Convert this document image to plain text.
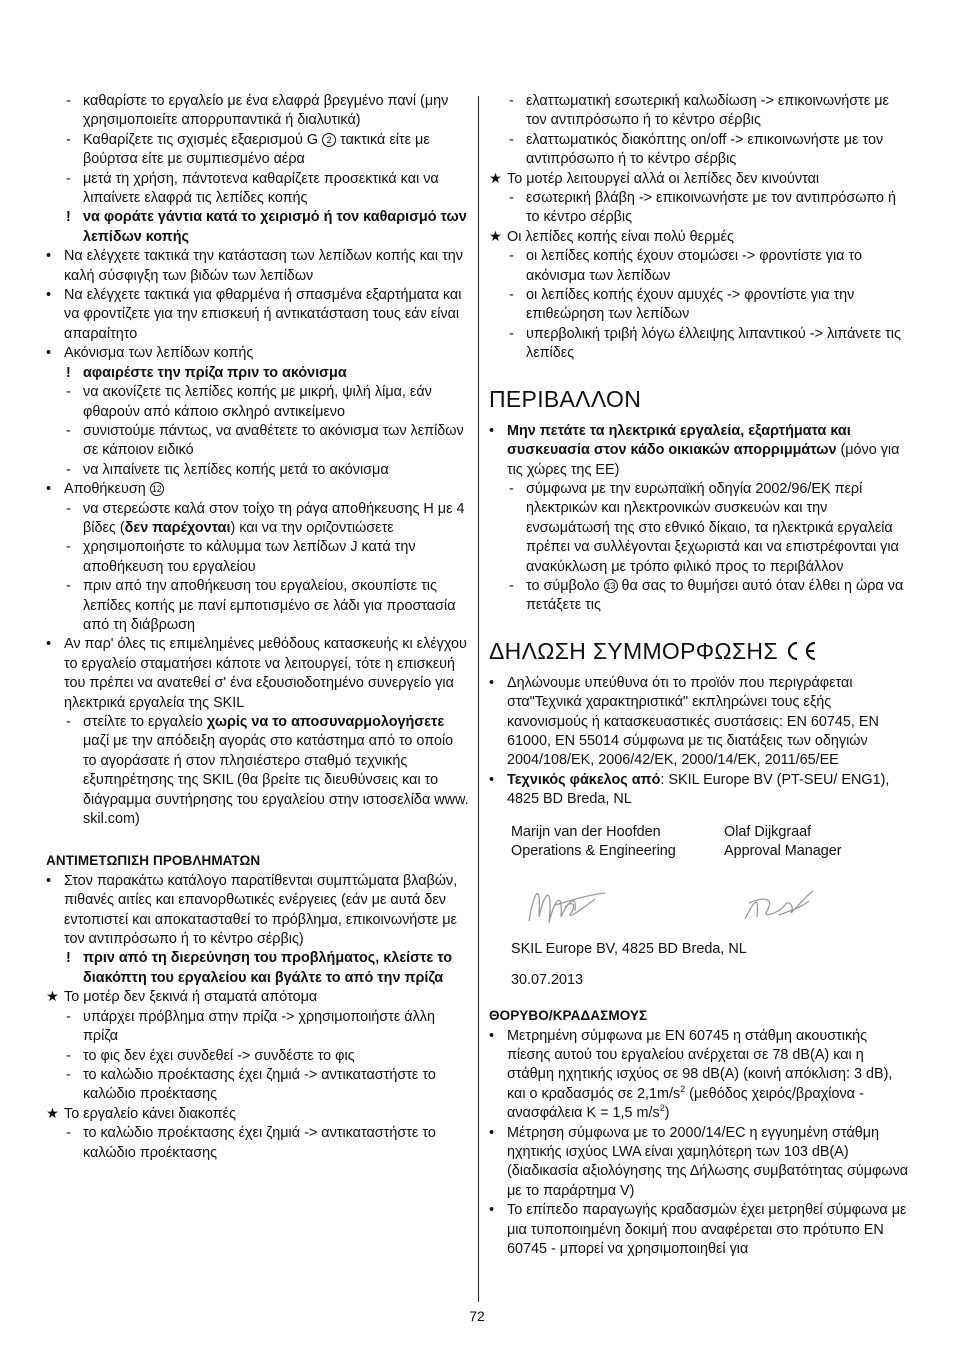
- καθαρίστε το εργαλείο με ένα ελαφρά βρεγμένο πανί (μην χρησιμοποιείτε απορρυπαντικά ή διαλυτικά)
- Καθαρίζετε τις σχισμές εξαερισμού G 2 τακτικά είτε με βούρτσα είτε με συμπιεσμένο αέρα
- μετά τη χρήση, πάντοτενα καθαρίζετε προσεκτικά και να λιπαίνετε ελαφρά τις λεπίδες κοπής
! να φοράτε γάντια κατά το χειρισμό ή τον καθαρισμό των λεπίδων κοπής
• Να ελέγχετε τακτικά την κατάσταση των λεπίδων κοπής και την καλή σύσφιγξη των βιδών των λεπίδων
• Να ελέγχετε τακτικά για φθαρμένα ή σπασμένα εξαρτήματα και να φροντίζετε για την επισκευή ή αντικατάσταση τους εάν είναι απαραίτητο
• Ακόνισμα των λεπίδων κοπής
! αφαιρέστε την πρίζα πριν το ακόνισμα
- να ακονίζετε τις λεπίδες κοπής με μικρή, ψιλή λίμα, εάν φθαρούν από κάποιο σκληρό αντικείμενο
- συνιστούμε πάντως, να αναθέτετε το ακόνισμα των λεπίδων σε κάποιον ειδικό
- να λιπαίνετε τις λεπίδες κοπής μετά το ακόνισμα
• Αποθήκευση 12
- να στερεώστε καλά στον τοίχο τη ράγα αποθήκευσης H με 4 βίδες (δεν παρέχονται) και να την οριζοντιώσετε
- χρησιμοποιήστε το κάλυμμα των λεπίδων J κατά την αποθήκευση του εργαλείου
- πριν από την αποθήκευση του εργαλείου, σκουπίστε τις λεπίδες κοπής με πανί εμποτισμένο σε λάδι για προστασία από τη διάβρωση
• Αν παρ' όλες τις επιμελημένες μεθόδους κατασκευής κι ελέγχου το εργαλείο σταματήσει κάποτε να λειτουργεί, τότε η επισκευή του πρέπει να ανατεθεί σ' ένα εξουσιοδοτημένο συνεργείο για ηλεκτρικά εργαλεία της SKIL
- στείλτε το εργαλείο χωρίς να το αποσυναρμολογήσετε μαζί με την απόδειξη αγοράς στο κατάστημα από το οποίο το αγοράσατε ή στον πλησιέστερο σταθμό τεχνικής εξυπηρέτησης της SKIL (θα βρείτε τις διευθύνσεις και το διάγραμμα συντήρησης του εργαλείου στην ιστοσελίδα www. skil.com)
ΑΝΤΙΜΕΤΩΠΙΣΗ ΠΡΟΒΛΗΜΑΤΩΝ
• Στον παρακάτω κατάλογο παρατίθενται συμπτώματα βλαβών, πιθανές αιτίες και επανορθωτικές ενέργειες (εάν με αυτά δεν εντοπιστεί και αποκατασταθεί το πρόβλημα, επικοινωνήστε με τον αντιπρόσωπο ή το κέντρο σέρβις)
! πριν από τη διερεύνηση του προβλήματος, κλείστε το διακόπτη του εργαλείου και βγάλτε το από την πρίζα
★ Το μοτέρ δεν ξεκινά ή σταματά απότομα
- υπάρχει πρόβλημα στην πρίζα -> χρησιμοποιήστε άλλη πρίζα
- το φις δεν έχει συνδεθεί -> συνδέστε το φις
- το καλώδιο προέκτασης έχει ζημιά -> αντικαταστήστε το καλώδιο προέκτασης
★ Το εργαλείο κάνει διακοπές
- το καλώδιο προέκτασης έχει ζημιά -> αντικαταστήστε το καλώδιο προέκτασης
- ελαττωματική εσωτερική καλωδίωση -> επικοινωνήστε με τον αντιπρόσωπο ή το κέντρο σέρβις
- ελαττωματικός διακόπτης on/off -> επικοινωνήστε με τον αντιπρόσωπο ή το κέντρο σέρβις
★ Το μοτέρ λειτουργεί αλλά οι λεπίδες δεν κινούνται
- εσωτερική βλάβη -> επικοινωνήστε με τον αντιπρόσωπο ή το κέντρο σέρβις
★ Οι λεπίδες κοπής είναι πολύ θερμές
- οι λεπίδες κοπής έχουν στομώσει -> φροντίστε για το ακόνισμα των λεπίδων
- οι λεπίδες κοπής έχουν αμυχές -> φροντίστε για την επιθεώρηση των λεπίδων
- υπερβολική τριβή λόγω έλλειψης λιπαντικού -> λιπάνετε τις λεπίδες
ΠΕΡΙΒΑΛΛΟΝ
• Μην πετάτε τα ηλεκτρικά εργαλεία, εξαρτήματα και συσκευασία στον κάδο οικιακών απορριμμάτων (μόνο για τις χώρες της ΕΕ)
- σύμφωνα με την ευρωπαϊκή οδηγία 2002/96/ΕΚ περί ηλεκτρικών και ηλεκτρονικών συσκευών και την ενσωμάτωσή της στο εθνικό δίκαιο, τα ηλεκτρικά εργαλεία πρέπει να συλλέγονται ξεχωριστά και να επιστρέφονται για ανακύκλωση με τρόπο φιλικό προς το περιβάλλον
- το σύμβολο 13 θα σας το θυμήσει αυτό όταν έλθει η ώρα να πετάξετε τις
ΔΗΛΩΣΗ ΣΥΜΜΟΡΦΩΣΗΣ
• Δηλώνουμε υπεύθυνα ότι το προϊόν που περιγράφεται στα"Τεχνικά χαρακτηριστικά" εκπληρώνει τους εξής κανονισμούς ή κατασκευαστικές συστάσεις: EN 60745, EN 61000, EN 55014 σύμφωνα με τις διατάξεις των οδηγιών 2004/108/ΕΚ, 2006/42/ΕΚ, 2000/14/ΕΚ, 2011/65/ΕΕ
• Τεχνικός φάκελος από: SKIL Europe BV (PT-SEU/ ENG1), 4825 BD Breda, NL
Marijn van der Hoofden
Operations & Engineering
Olaf Dijkgraaf
Approval Manager
SKIL Europe BV, 4825 BD Breda, NL
30.07.2013
ΘΟΡΥΒΟ/ΚΡΑΔΑΣΜΟΥΣ
• Μετρημένη σύμφωνα με EN 60745 η στάθμη ακουστικής πίεσης αυτού του εργαλείου ανέρχεται σε 78 dB(A) και η στάθμη ηχητικής ισχύος σε 98 dB(A) (κοινή απόκλιση: 3 dB), και ο κραδασμός σε $2,1m/s^2$ (μεθόδος χειρός/βραχίονα - ανασφάλεια K = 1,5 $m/s^2$)
• Μέτρηση σύμφωνα με το 2000/14/EC η εγγυημένη στάθμη ηχητικής ισχύος LWA είναι χαμηλότερη των 103 dB(A) (διαδικασία αξιολόγησης της Δήλωσης συμβατότητας σύμφωνα με το παράρτημα V)
• Το επίπεδο παραγωγής κραδασμών έχει μετρηθεί σύμφωνα με μια τυποποιημένη δοκιμή που αναφέρεται στο πρότυπο EN 60745 - μπορεί να χρησιμοποιηθεί για
72
